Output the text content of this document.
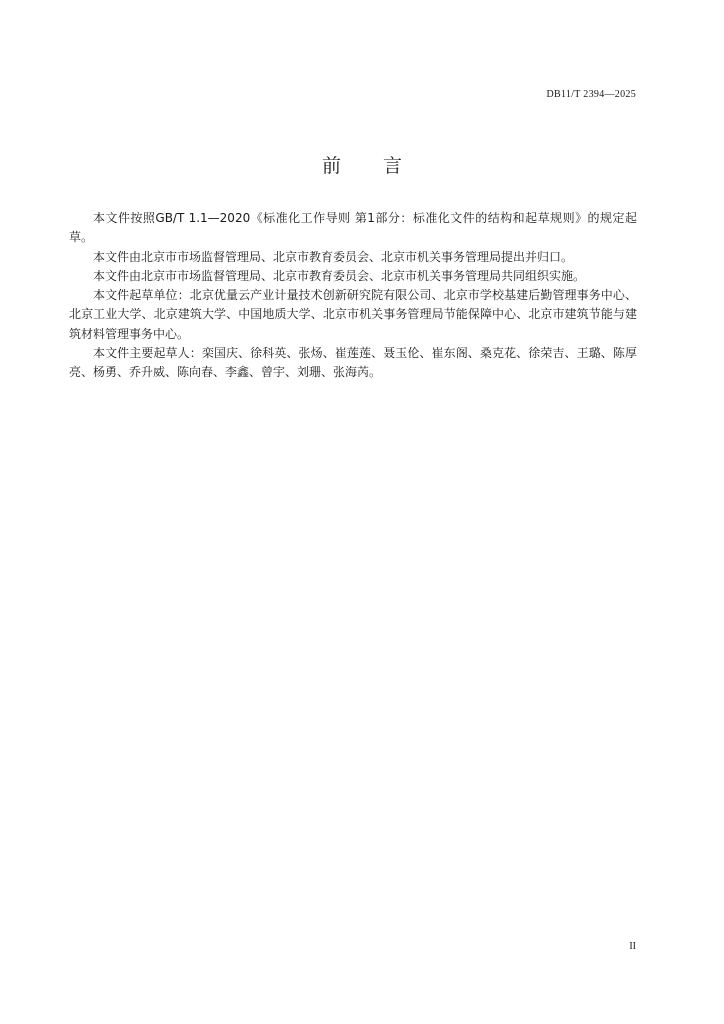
DB11/T 2394—2025
前言

本文件按照GB/T 1.1—2020《标准化工作导则 第1部分：标准化文件的结构和起草规则》的规定起草。

本文件由北京市市场监督管理局、北京市教育委员会、北京市机关事务管理局提出并归口。

本文件由北京市市场监督管理局、北京市教育委员会、北京市机关事务管理局共同组织实施。

本文件起草单位：北京优量云产业计量技术创新研究院有限公司、北京市学校基建后勤管理事务中心、北京工业大学、北京建筑大学、中国地质大学、北京市机关事务管理局节能保障中心、北京市建筑节能与建筑材料管理事务中心。

本文件主要起草人：栾国庆、徐科英、张炀、崔莲莲、聂玉伦、崔东阁、桑克花、徐荣吉、王璐、陈厚亮、杨勇、乔升威、陈向春、李鑫、曾宇、刘珊、张海芮。

II
